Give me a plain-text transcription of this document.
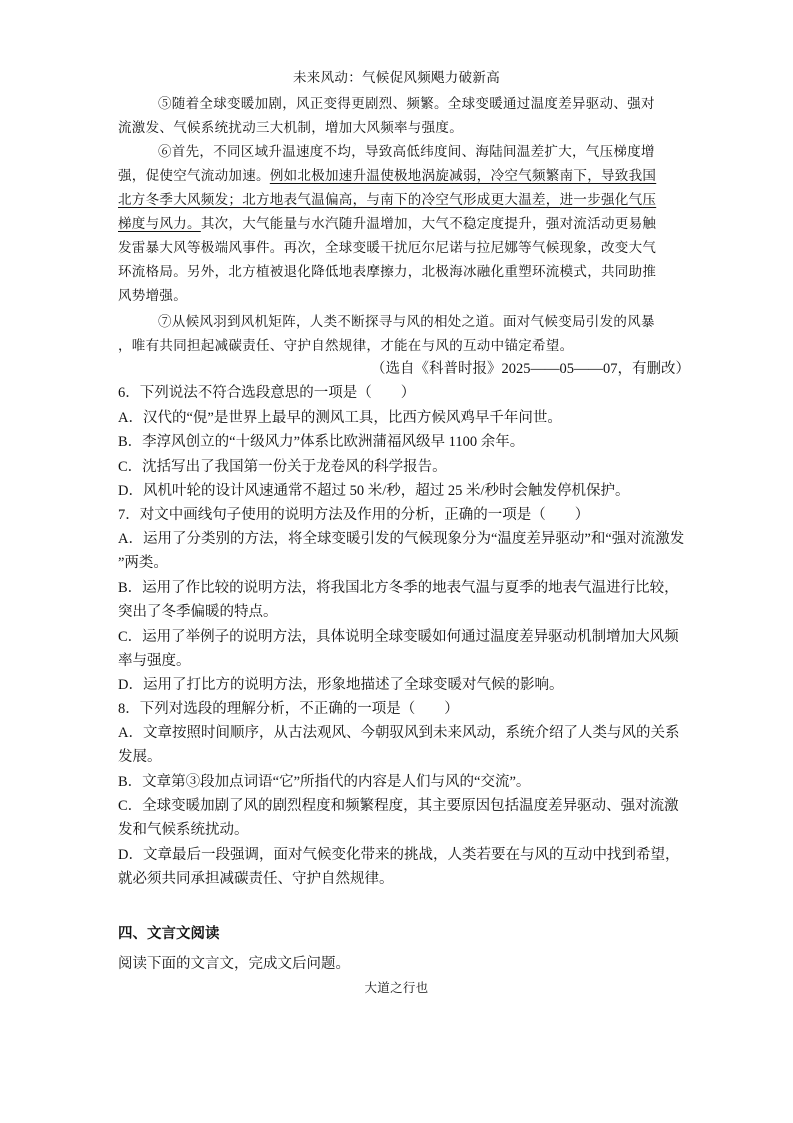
未来风动：气候促风频飓力破新高
⑤随着全球变暖加剧，风正变得更剧烈、频繁。全球变暖通过温度差异驱动、强对
流激发、气候系统扰动三大机制，增加大风频率与强度。
⑥首先，不同区域升温速度不均，导致高低纬度间、海陆间温差扩大，气压梯度增
强，促使空气流动加速。例如北极加速升温使极地涡旋减弱，冷空气频繁南下，导致我国
北方冬季大风频发；北方地表气温偏高，与南下的冷空气形成更大温差，进一步强化气压
梯度与风力。其次，大气能量与水汽随升温增加，大气不稳定度提升，强对流活动更易触
发雷暴大风等极端风事件。再次，全球变暖干扰厄尔尼诺与拉尼娜等气候现象，改变大气
环流格局。另外，北方植被退化降低地表摩擦力，北极海冰融化重塑环流模式，共同助推
风势增强。
⑦从候风羽到风机矩阵，人类不断探寻与风的相处之道。面对气候变局引发的风暴
，唯有共同担起减碳责任、守护自然规律，才能在与风的互动中锚定希望。
（选自《科普时报》2025——05——07，有删改）
6．下列说法不符合选段意思的一项是（　　）
A．汉代的“俔”是世界上最早的测风工具，比西方候风鸡早千年问世。
B．李淳风创立的“十级风力”体系比欧洲蒲福风级早 1100 余年。
C．沈括写出了我国第一份关于龙卷风的科学报告。
D．风机叶轮的设计风速通常不超过 50 米/秒，超过 25 米/秒时会触发停机保护。
7．对文中画线句子使用的说明方法及作用的分析，正确的一项是（　　）
A．运用了分类别的方法，将全球变暖引发的气候现象分为“温度差异驱动”和“强对流激发
”两类。
B．运用了作比较的说明方法，将我国北方冬季的地表气温与夏季的地表气温进行比较，
突出了冬季偏暖的特点。
C．运用了举例子的说明方法，具体说明全球变暖如何通过温度差异驱动机制增加大风频
率与强度。
D．运用了打比方的说明方法，形象地描述了全球变暖对气候的影响。
8．下列对选段的理解分析，不正确的一项是（　　）
A．文章按照时间顺序，从古法观风、今朝驭风到未来风动，系统介绍了人类与风的关系
发展。
B．文章第③段加点词语“它”所指代的内容是人们与风的“交流”。
C．全球变暖加剧了风的剧烈程度和频繁程度，其主要原因包括温度差异驱动、强对流激
发和气候系统扰动。
D．文章最后一段强调，面对气候变化带来的挑战，人类若要在与风的互动中找到希望，
就必须共同承担减碳责任、守护自然规律。
四、文言文阅读
阅读下面的文言文，完成文后问题。
大道之行也
